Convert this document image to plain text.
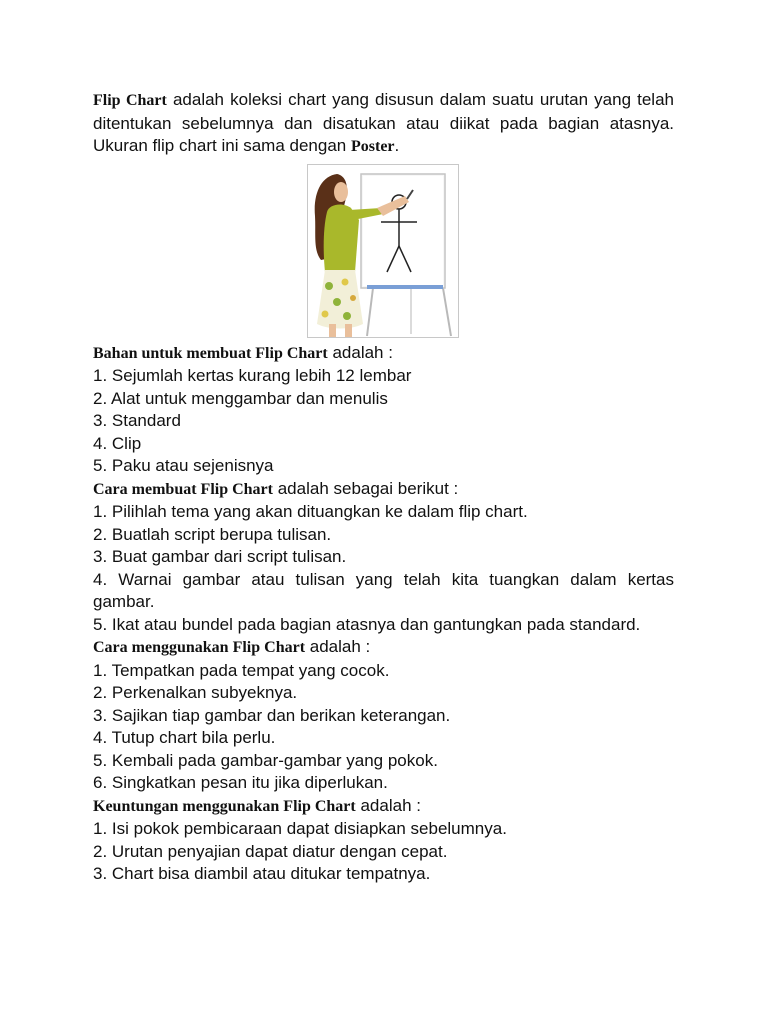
Flip Chart adalah koleksi chart yang disusun dalam suatu urutan yang telah ditentukan sebelumnya dan disatukan atau diikat pada bagian atasnya. Ukuran flip chart ini sama dengan Poster.

Bahan untuk membuat Flip Chart adalah :
1. Sejumlah kertas kurang lebih 12 lembar
2. Alat untuk menggambar dan menulis
3. Standard
4. Clip
5. Paku atau sejenisnya
Cara membuat Flip Chart adalah sebagai berikut :
1. Pilihlah tema yang akan dituangkan ke dalam flip chart.
2. Buatlah script berupa tulisan.
3. Buat gambar dari script tulisan.
4. Warnai gambar atau tulisan yang telah kita tuangkan dalam kertas gambar.
5. Ikat atau bundel pada bagian atasnya dan gantungkan pada standard.
Cara menggunakan Flip Chart adalah :
1. Tempatkan pada tempat yang cocok.
2. Perkenalkan subyeknya.
3. Sajikan tiap gambar dan berikan keterangan.
4. Tutup chart bila perlu.
5. Kembali pada gambar-gambar yang pokok.
6. Singkatkan pesan itu jika diperlukan.
Keuntungan menggunakan Flip Chart adalah :
1. Isi pokok pembicaraan dapat disiapkan sebelumnya.
2. Urutan penyajian dapat diatur dengan cepat.
3. Chart bisa diambil atau ditukar tempatnya.
